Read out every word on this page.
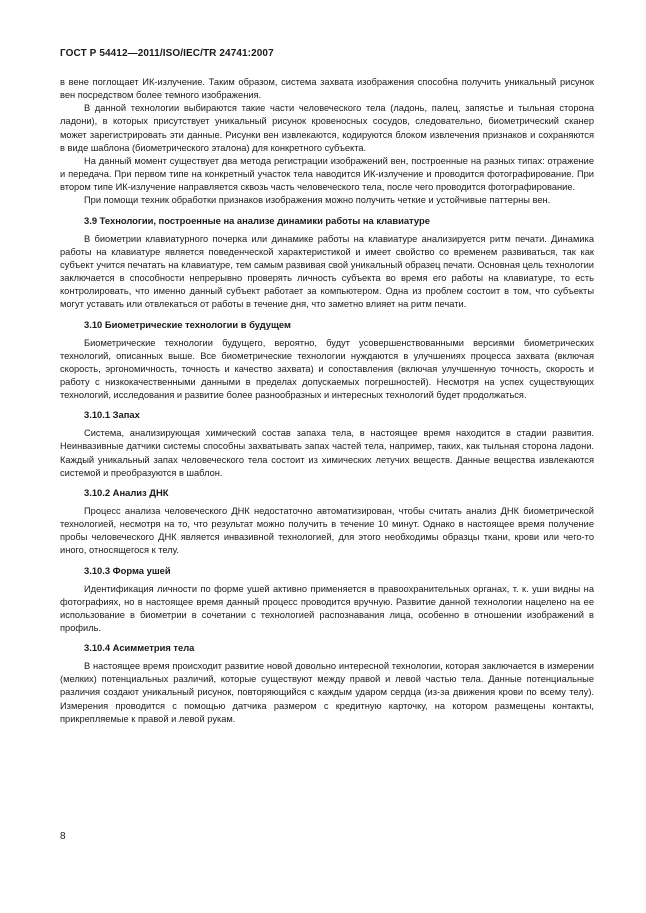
ГОСТ Р 54412—2011/ISO/IEC/TR 24741:2007

в вене поглощает ИК-излучение. Таким образом, система захвата изображения способна получить уникальный рисунок вен посредством более темного изображения.

В данной технологии выбираются такие части человеческого тела (ладонь, палец, запястье и тыльная сторона ладони), в которых присутствует уникальный рисунок кровеносных сосудов, следовательно, биометрический сканер может зарегистрировать эти данные. Рисунки вен извлекаются, кодируются блоком извлечения признаков и сохраняются в виде шаблона (биометрического эталона) для конкретного субъекта.

На данный момент существует два метода регистрации изображений вен, построенные на разных типах: отражение и передача. При первом типе на конкретный участок тела наводится ИК-излучение и проводится фотографирование. При втором типе ИК-излучение направляется сквозь часть человеческого тела, после чего проводится фотографирование.

При помощи техник обработки признаков изображения можно получить четкие и устойчивые паттерны вен.

3.9 Технологии, построенные на анализе динамики работы на клавиатуре

В биометрии клавиатурного почерка или динамике работы на клавиатуре анализируется ритм печати. Динамика работы на клавиатуре является поведенческой характеристикой и имеет свойство со временем развиваться, так как субъект учится печатать на клавиатуре, тем самым развивая свой уникальный образец печати. Основная цель технологии заключается в способности непрерывно проверять личность субъекта во время его работы на клавиатуре, то есть контролировать, что именно данный субъект работает за компьютером. Одна из проблем состоит в том, что субъекты могут уставать или отвлекаться от работы в течение дня, что заметно влияет на ритм печати.

3.10 Биометрические технологии в будущем

Биометрические технологии будущего, вероятно, будут усовершенствованными версиями биометрических технологий, описанных выше. Все биометрические технологии нуждаются в улучшениях процесса захвата (включая скорость, эргономичность, точность и качество захвата) и сопоставления (включая улучшенную точность, скорость и работу с низкокачественными данными в пределах допускаемых погрешностей). Несмотря на успех существующих технологий, исследования и развитие более разнообразных и интересных технологий будет продолжаться.

3.10.1 Запах

Система, анализирующая химический состав запаха тела, в настоящее время находится в стадии развития. Неинвазивные датчики системы способны захватывать запах частей тела, например, таких, как тыльная сторона ладони. Каждый уникальный запах человеческого тела состоит из химических летучих веществ. Данные вещества извлекаются системой и преобразуются в шаблон.

3.10.2 Анализ ДНК

Процесс анализа человеческого ДНК недостаточно автоматизирован, чтобы считать анализ ДНК биометрической технологией, несмотря на то, что результат можно получить в течение 10 минут. Однако в настоящее время получение пробы человеческого ДНК является инвазивной технологией, для этого необходимы образцы ткани, крови или чего-то иного, относящегося к телу.

3.10.3 Форма ушей

Идентификация личности по форме ушей активно применяется в правоохранительных органах, т. к. уши видны на фотографиях, но в настоящее время данный процесс проводится вручную. Развитие данной технологии нацелено на ее использование в биометрии в сочетании с технологией распознавания лица, особенно в отношении изображений в профиль.

3.10.4 Асимметрия тела

В настоящее время происходит развитие новой довольно интересной технологии, которая заключается в измерении (мелких) потенциальных различий, которые существуют между правой и левой частью тела. Данные потенциальные различия создают уникальный рисунок, повторяющийся с каждым ударом сердца (из-за движения крови по всему телу). Измерения проводится с помощью датчика размером с кредитную карточку, на котором размещены контакты, прикрепляемые к правой и левой рукам.

8
